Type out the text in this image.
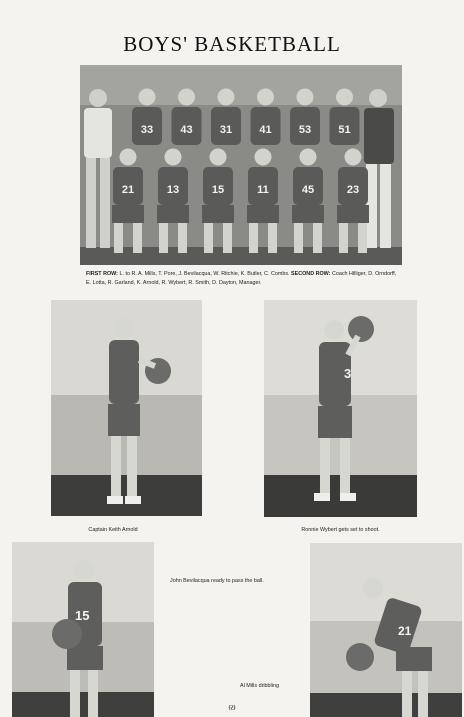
BOYS' BASKETBALL
33 43 31 41 53 51
21	13	15	11	45	23
FIRST ROW: L. to R. A. Mills, T. Pore, J. Bevilacqua, W. Ritchie, K. Butler, C. Combs. SECOND ROW: Coach Hilliger, D. Orndorff, E. Lotta, R. Garland, K. Arnold, R. Wybert, R. Smith, D. Dayton, Manager.
Captain Keith Arnold
3
Ronnie Wybert gets set to shoot.
15
John Bevilacqua ready to pass the ball.
21
Al Mills dribbling
69
